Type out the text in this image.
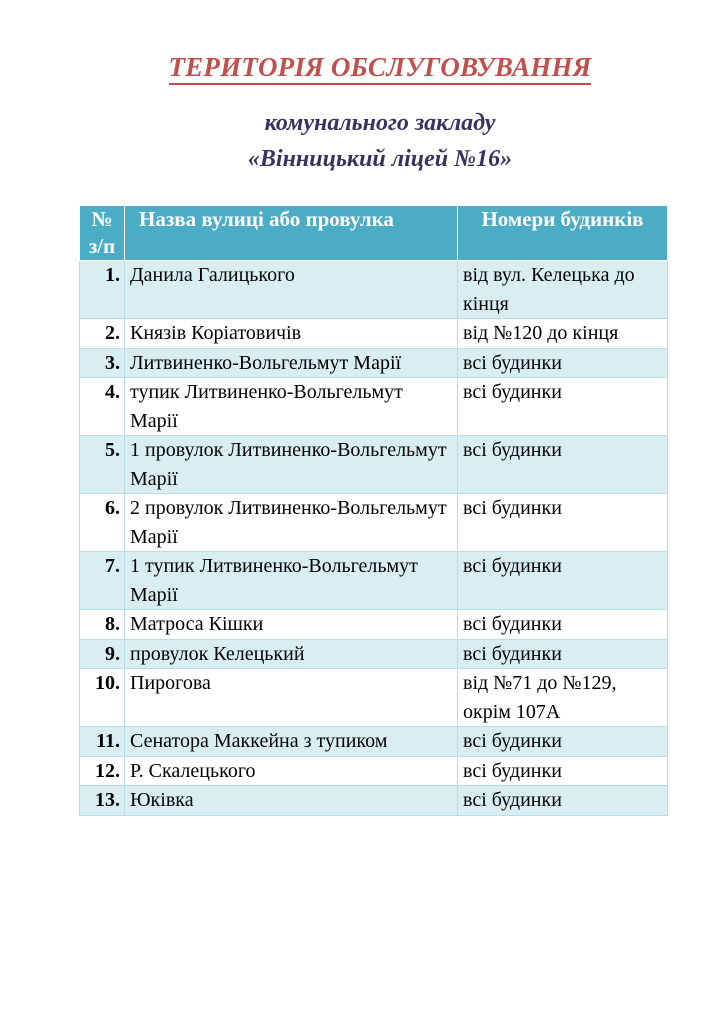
ТЕРИТОРІЯ ОБСЛУГОВУВАННЯ
комунального закладу
«Вінницький ліцей №16»
№ з/п	Назва вулиці або провулка	Номери будинків
1.	Данила Галицького	від вул. Келецька до кінця
2.	Князів Коріатовичів	від №120 до кінця
3.	Литвиненко-Вольгельмут Марії	всі будинки
4.	тупик Литвиненко-Вольгельмут Марії	всі будинки
5.	1 провулок Литвиненко-Вольгельмут Марії	всі будинки
6.	2 провулок Литвиненко-Вольгельмут Марії	всі будинки
7.	1 тупик Литвиненко-Вольгельмут Марії	всі будинки
8.	Матроса Кішки	всі будинки
9.	провулок Келецький	всі будинки
10.	Пирогова	від №71 до №129, окрім 107А
11.	Сенатора Маккейна з тупиком	всі будинки
12.	Р. Скалецького	всі будинки
13.	Юківка	всі будинки
